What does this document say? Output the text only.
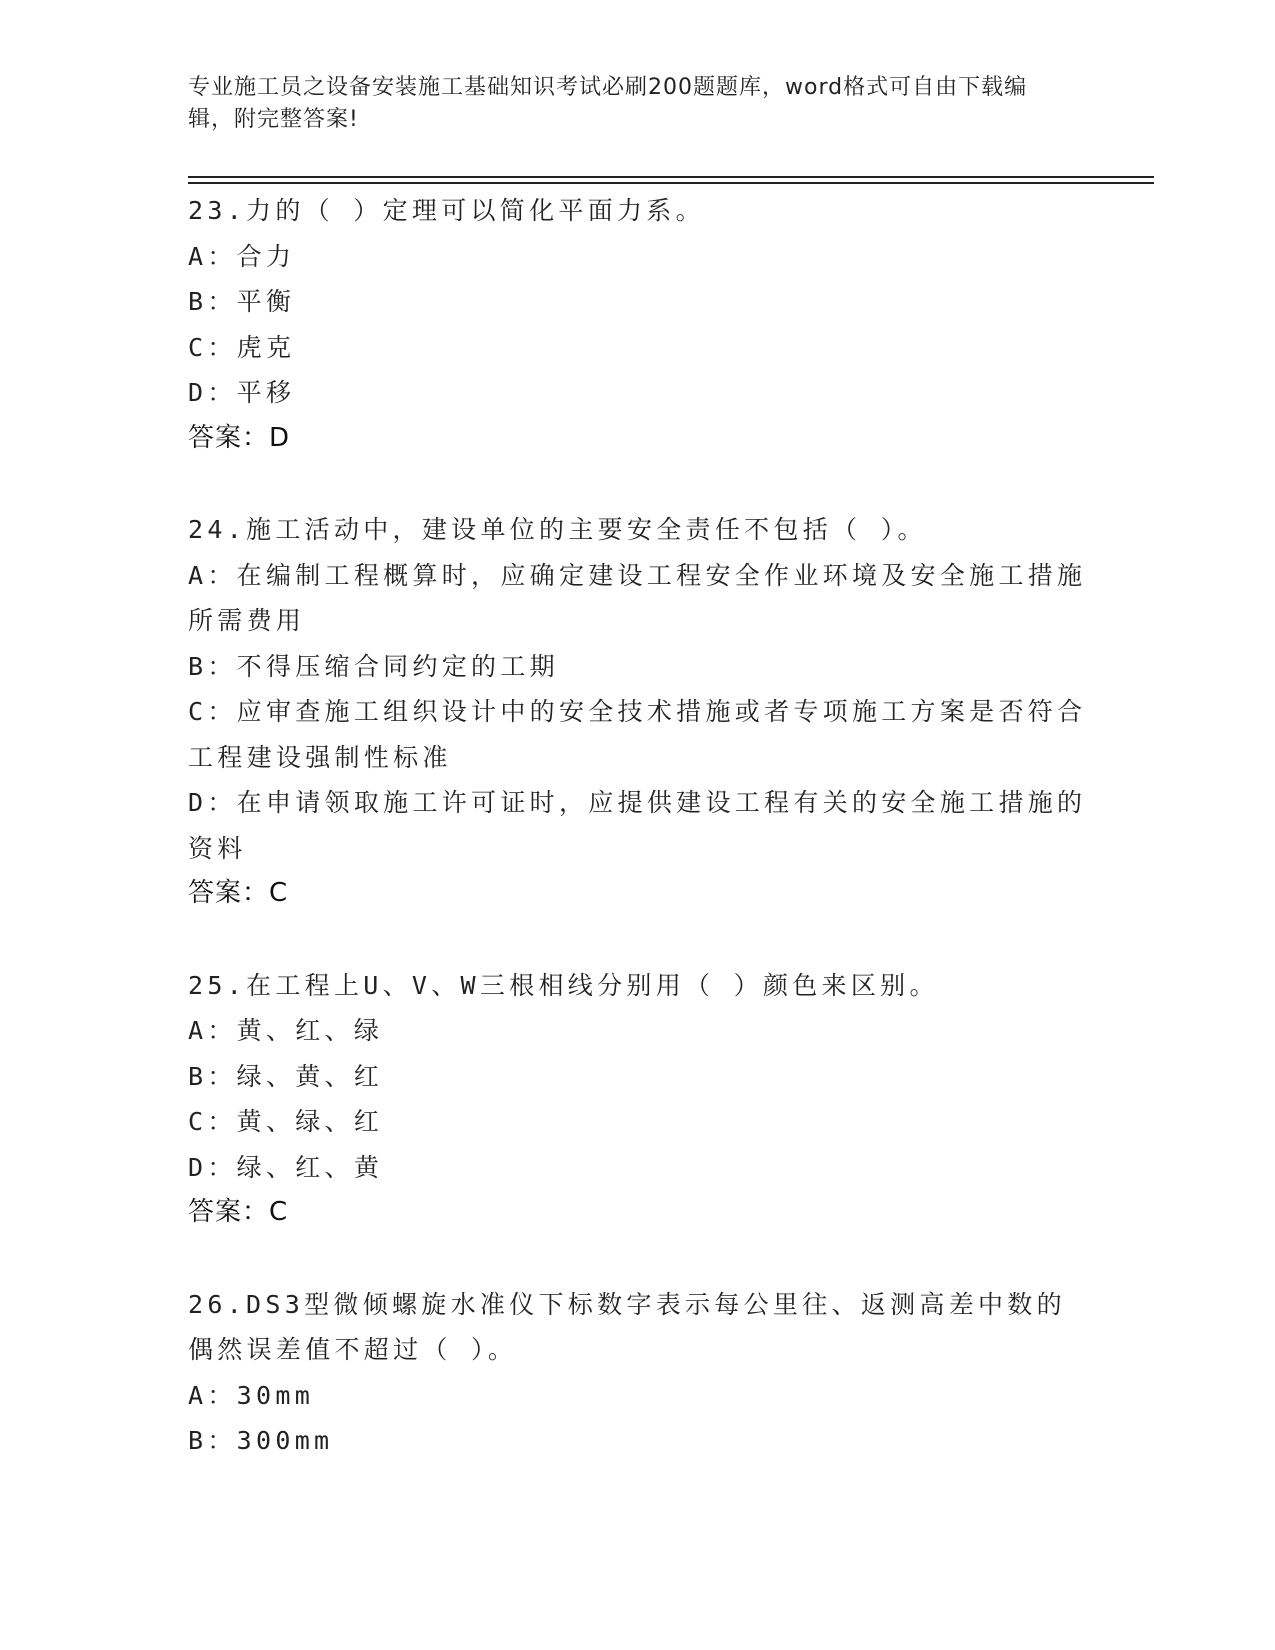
专业施工员之设备安装施工基础知识考试必刷200题题库，word格式可自由下载编辑，附完整答案!
23.力的（ ）定理可以简化平面力系。
A：合力
B：平衡
C：虎克
D：平移
答案：D
24.施工活动中，建设单位的主要安全责任不包括（ ）。
A：在编制工程概算时，应确定建设工程安全作业环境及安全施工措施所需费用
B：不得压缩合同约定的工期
C：应审查施工组织设计中的安全技术措施或者专项施工方案是否符合工程建设强制性标准
D：在申请领取施工许可证时，应提供建设工程有关的安全施工措施的资料
答案：C
25.在工程上U、V、W三根相线分别用（ ）颜色来区别。
A：黄、红、绿
B：绿、黄、红
C：黄、绿、红
D：绿、红、黄
答案：C
26.DS3型微倾螺旋水准仪下标数字表示每公里往、返测高差中数的偶然误差值不超过（ ）。
A：30mm
B：300mm
